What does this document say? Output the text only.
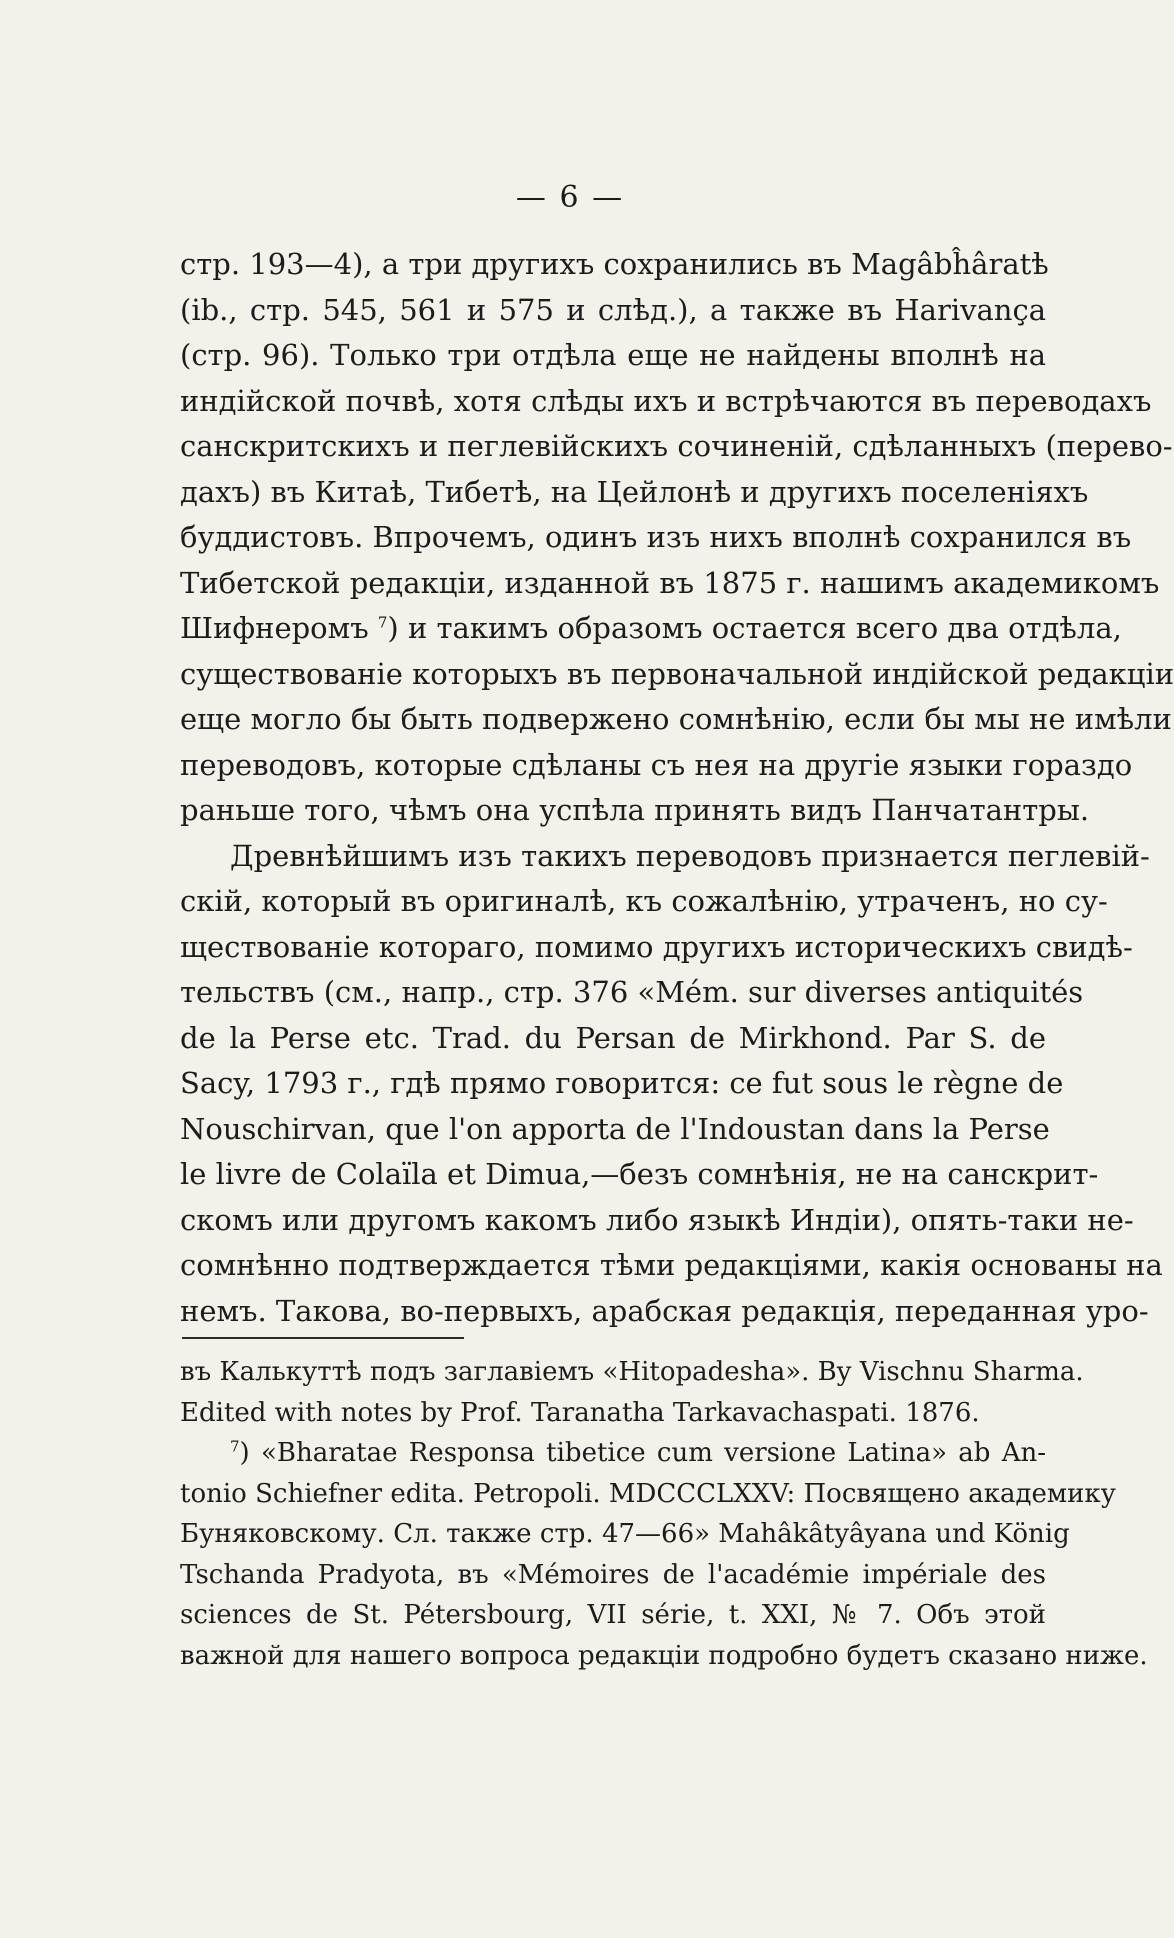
— 6 —
стр. 193—4), а три другихъ сохранились въ Magâbĥâratѣ
(ib., стр. 545, 561 и 575 и слѣд.), а также въ Harivança
(стр. 96). Только три отдѣла еще не найдены вполнѣ на
индійской почвѣ, хотя слѣды ихъ и встрѣчаются въ переводахъ
санскритскихъ и пеглевійскихъ сочиненій, сдѣланныхъ (перево-
дахъ) въ Китаѣ, Тибетѣ, на Цейлонѣ и другихъ поселеніяхъ
буддистовъ. Впрочемъ, одинъ изъ нихъ вполнѣ сохранился въ
Тибетской редакціи, изданной въ 1875 г. нашимъ академикомъ
Шифнеромъ $^7$) и такимъ образомъ остается всего два отдѣла,
существованіе которыхъ въ первоначальной индійской редакціи
еще могло бы быть подвержено сомнѣнію, если бы мы не имѣли
переводовъ, которые сдѣланы съ нея на другіе языки гораздо
раньше того, чѣмъ она успѣла принять видъ Панчатантры.
Древнѣйшимъ изъ такихъ переводовъ признается пеглевій-
скій, который въ оригиналѣ, къ сожалѣнію, утраченъ, но су-
ществованіе котораго, помимо другихъ историческихъ свидѣ-
тельствъ (см., напр., стр. 376 «Mém. sur diverses antiquités
de la Perse etc. Trad. du Persan de Mirkhond. Par S. de
Sacy, 1793 г., гдѣ прямо говорится: ce fut sous le règne de
Nouschirvan, que l'on apporta de l'Indoustan dans la Perse
le livre de Colaïla et Dimua,—безъ сомнѣнія, не на санскрит-
скомъ или другомъ какомъ либо языкѣ Индіи), опять-таки не-
сомнѣнно подтверждается тѣми редакціями, какія основаны на
немъ. Такова, во-первыхъ, арабская редакція, переданная уро-
въ Калькуттѣ подъ заглавіемъ «Hitopadesha». By Vischnu Sharma.
Edited with notes by Prof. Taranatha Tarkavachaspati. 1876.
$^7$) «Bharatae Responsa tibetice cum versione Latina» ab An-
tonio Schiefner edita. Petropoli. MDCCCLXXV: Посвящено академику
Буняковскому. Сл. также стр. 47—66» Mahâkâtyâyana und König
Tschanda Pradyota, въ «Mémoires de l'académie impériale des
sciences de St. Pétersbourg, VII série, t. XXI, № 7. Объ этой
важной для нашего вопроса редакціи подробно будетъ сказано ниже.
